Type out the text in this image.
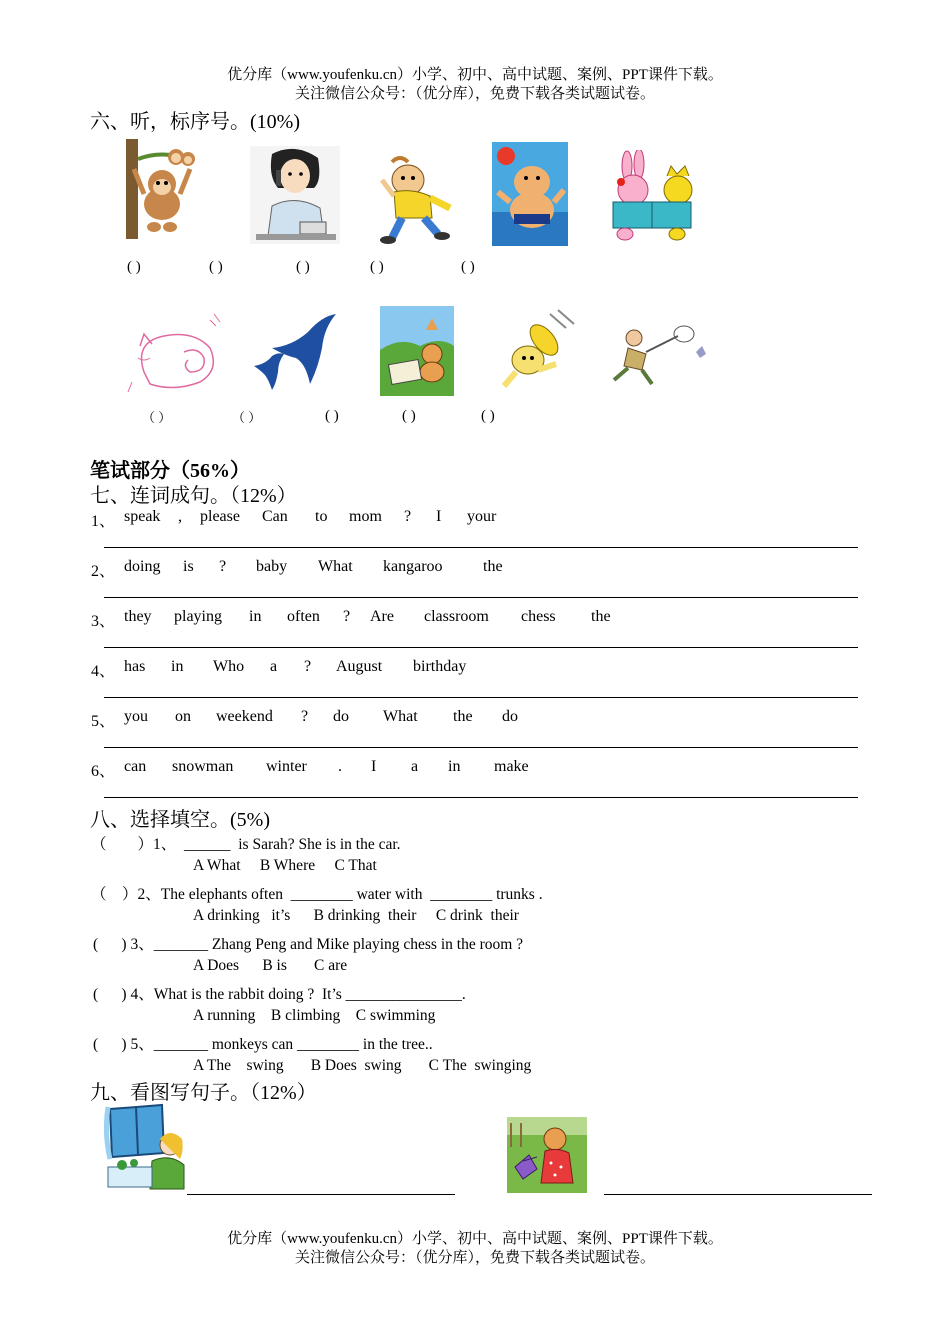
优分库（www.youfenku.cn）小学、初中、高中试题、案例、PPT课件下载。
关注微信公众号：（优分库），免费下载各类试题试卷。
六、听，标序号。(10%)
( )	( )	( )	( )	( )
（ ）	（ ）	( )	( )	( )
笔试部分（56%）
七、连词成句。（12%）
1、 speak , please Can to mom ? I your
2、 doing is ? baby What kangaroo	the
3、 they playing in often ? Are classroom chess the
4、 has in Who a ? August birthday
5、 you on weekend ? do What the do
6、 can snowman winter . I a in make
八、选择填空。(5%)
（        ）1、  ______  is Sarah? She is in the car.
A What     B Where     C That
（    ）2、The elephants often  ________ water with  ________ trunks .
A drinking   it’s      B drinking  their     C drink  their
(      ) 3、_______ Zhang Peng and Mike playing chess in the room ?
A Does      B is       C are
(      ) 4、What is the rabbit doing ?  It’s _______________.
A running    B climbing    C swimming
(      ) 5、_______ monkeys can ________ in the tree..
A The    swing       B Does  swing       C The  swinging
九、看图写句子。（12%）
优分库（www.youfenku.cn）小学、初中、高中试题、案例、PPT课件下载。
关注微信公众号：（优分库），免费下载各类试题试卷。
